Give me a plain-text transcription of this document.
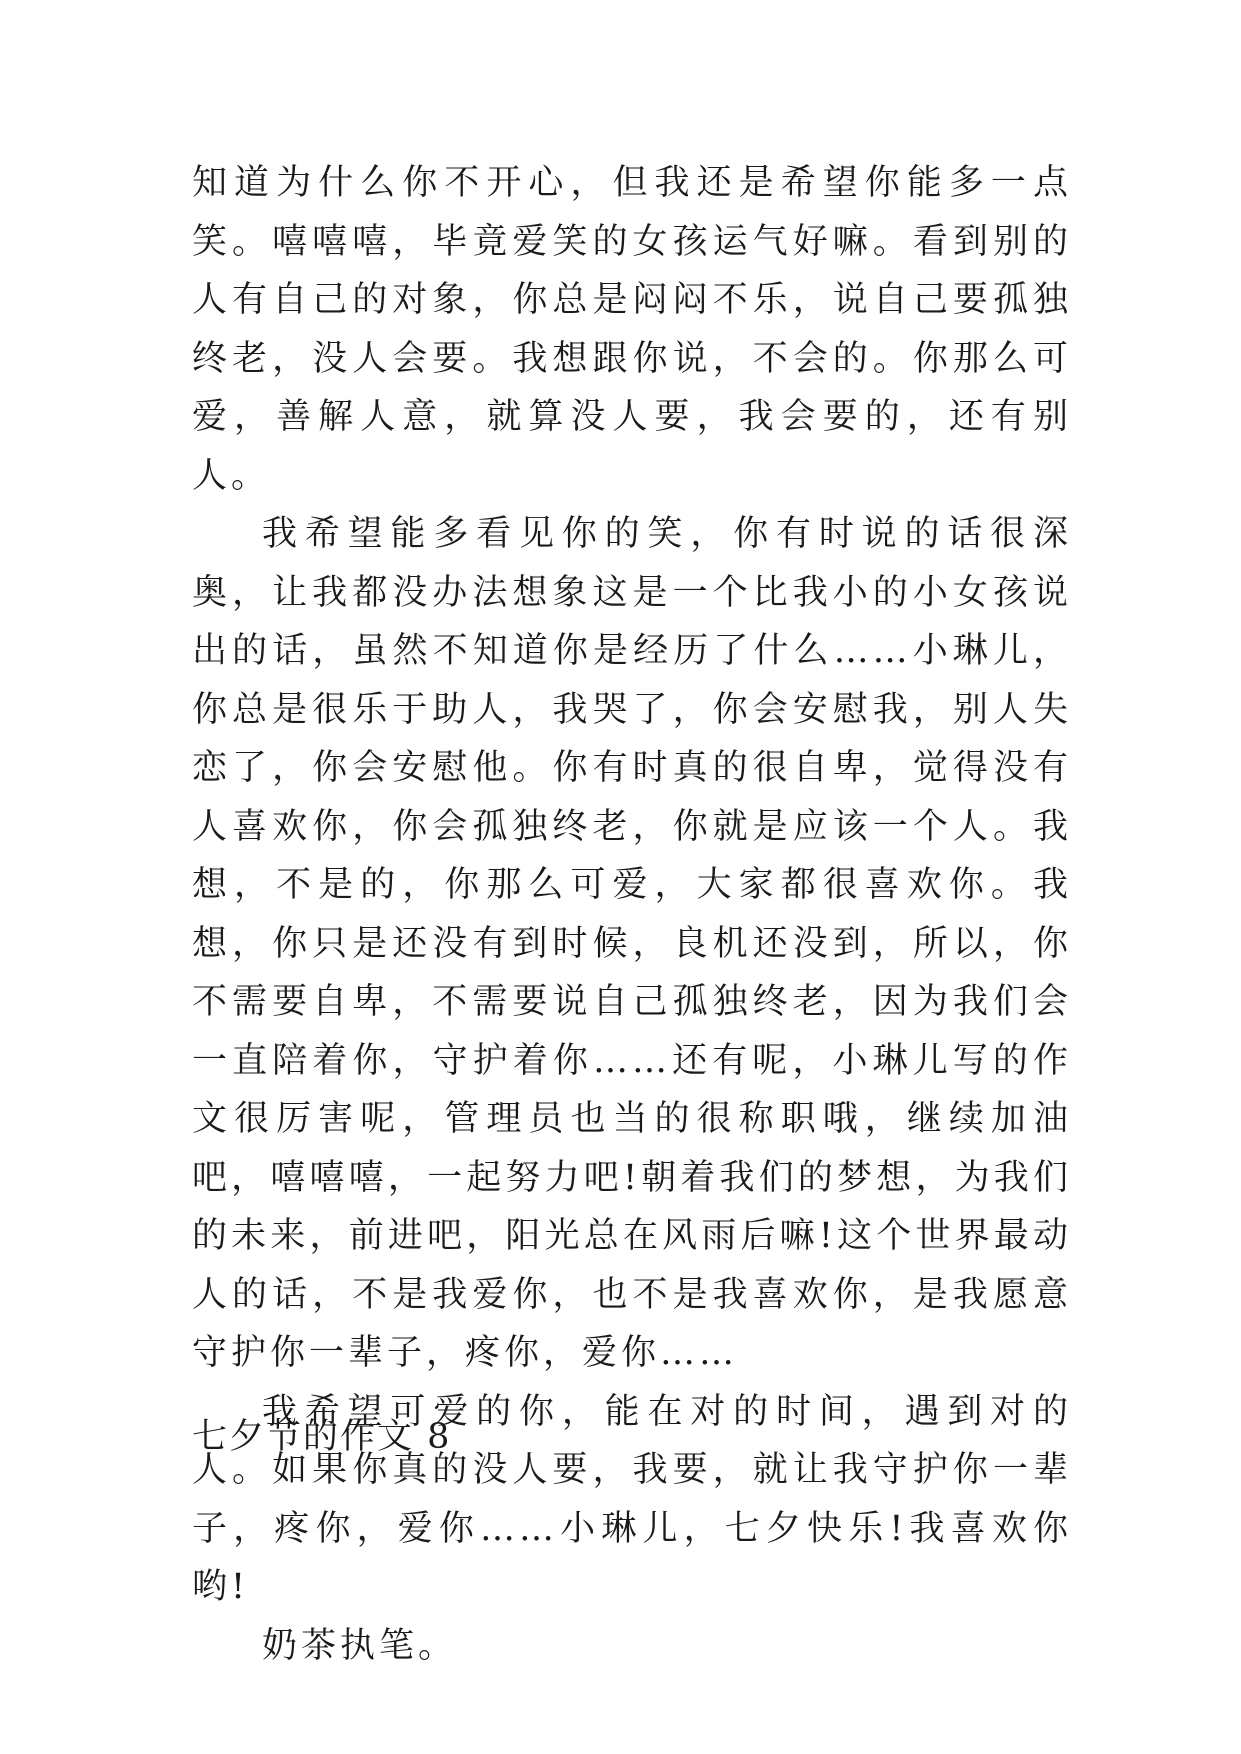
知道为什么你不开心，但我还是希望你能多一点笑。嘻嘻嘻，毕竟爱笑的女孩运气好嘛。看到别的人有自己的对象，你总是闷闷不乐，说自己要孤独终老，没人会要。我想跟你说，不会的。你那么可爱，善解人意，就算没人要，我会要的，还有别人。

我希望能多看见你的笑，你有时说的话很深奥，让我都没办法想象这是一个比我小的小女孩说出的话，虽然不知道你是经历了什么……小琳儿，你总是很乐于助人，我哭了，你会安慰我，别人失恋了，你会安慰他。你有时真的很自卑，觉得没有人喜欢你，你会孤独终老，你就是应该一个人。我想，不是的，你那么可爱，大家都很喜欢你。我想，你只是还没有到时候，良机还没到，所以，你不需要自卑，不需要说自己孤独终老，因为我们会一直陪着你，守护着你……还有呢，小琳儿写的作文很厉害呢，管理员也当的很称职哦，继续加油吧，嘻嘻嘻，一起努力吧!朝着我们的梦想，为我们的未来，前进吧，阳光总在风雨后嘛!这个世界最动人的话，不是我爱你，也不是我喜欢你，是我愿意守护你一辈子，疼你，爱你……

我希望可爱的你，能在对的时间，遇到对的人。如果你真的没人要，我要，就让我守护你一辈子，疼你，爱你……小琳儿，七夕快乐!我喜欢你哟!

奶茶执笔。

七夕节的作文 8
